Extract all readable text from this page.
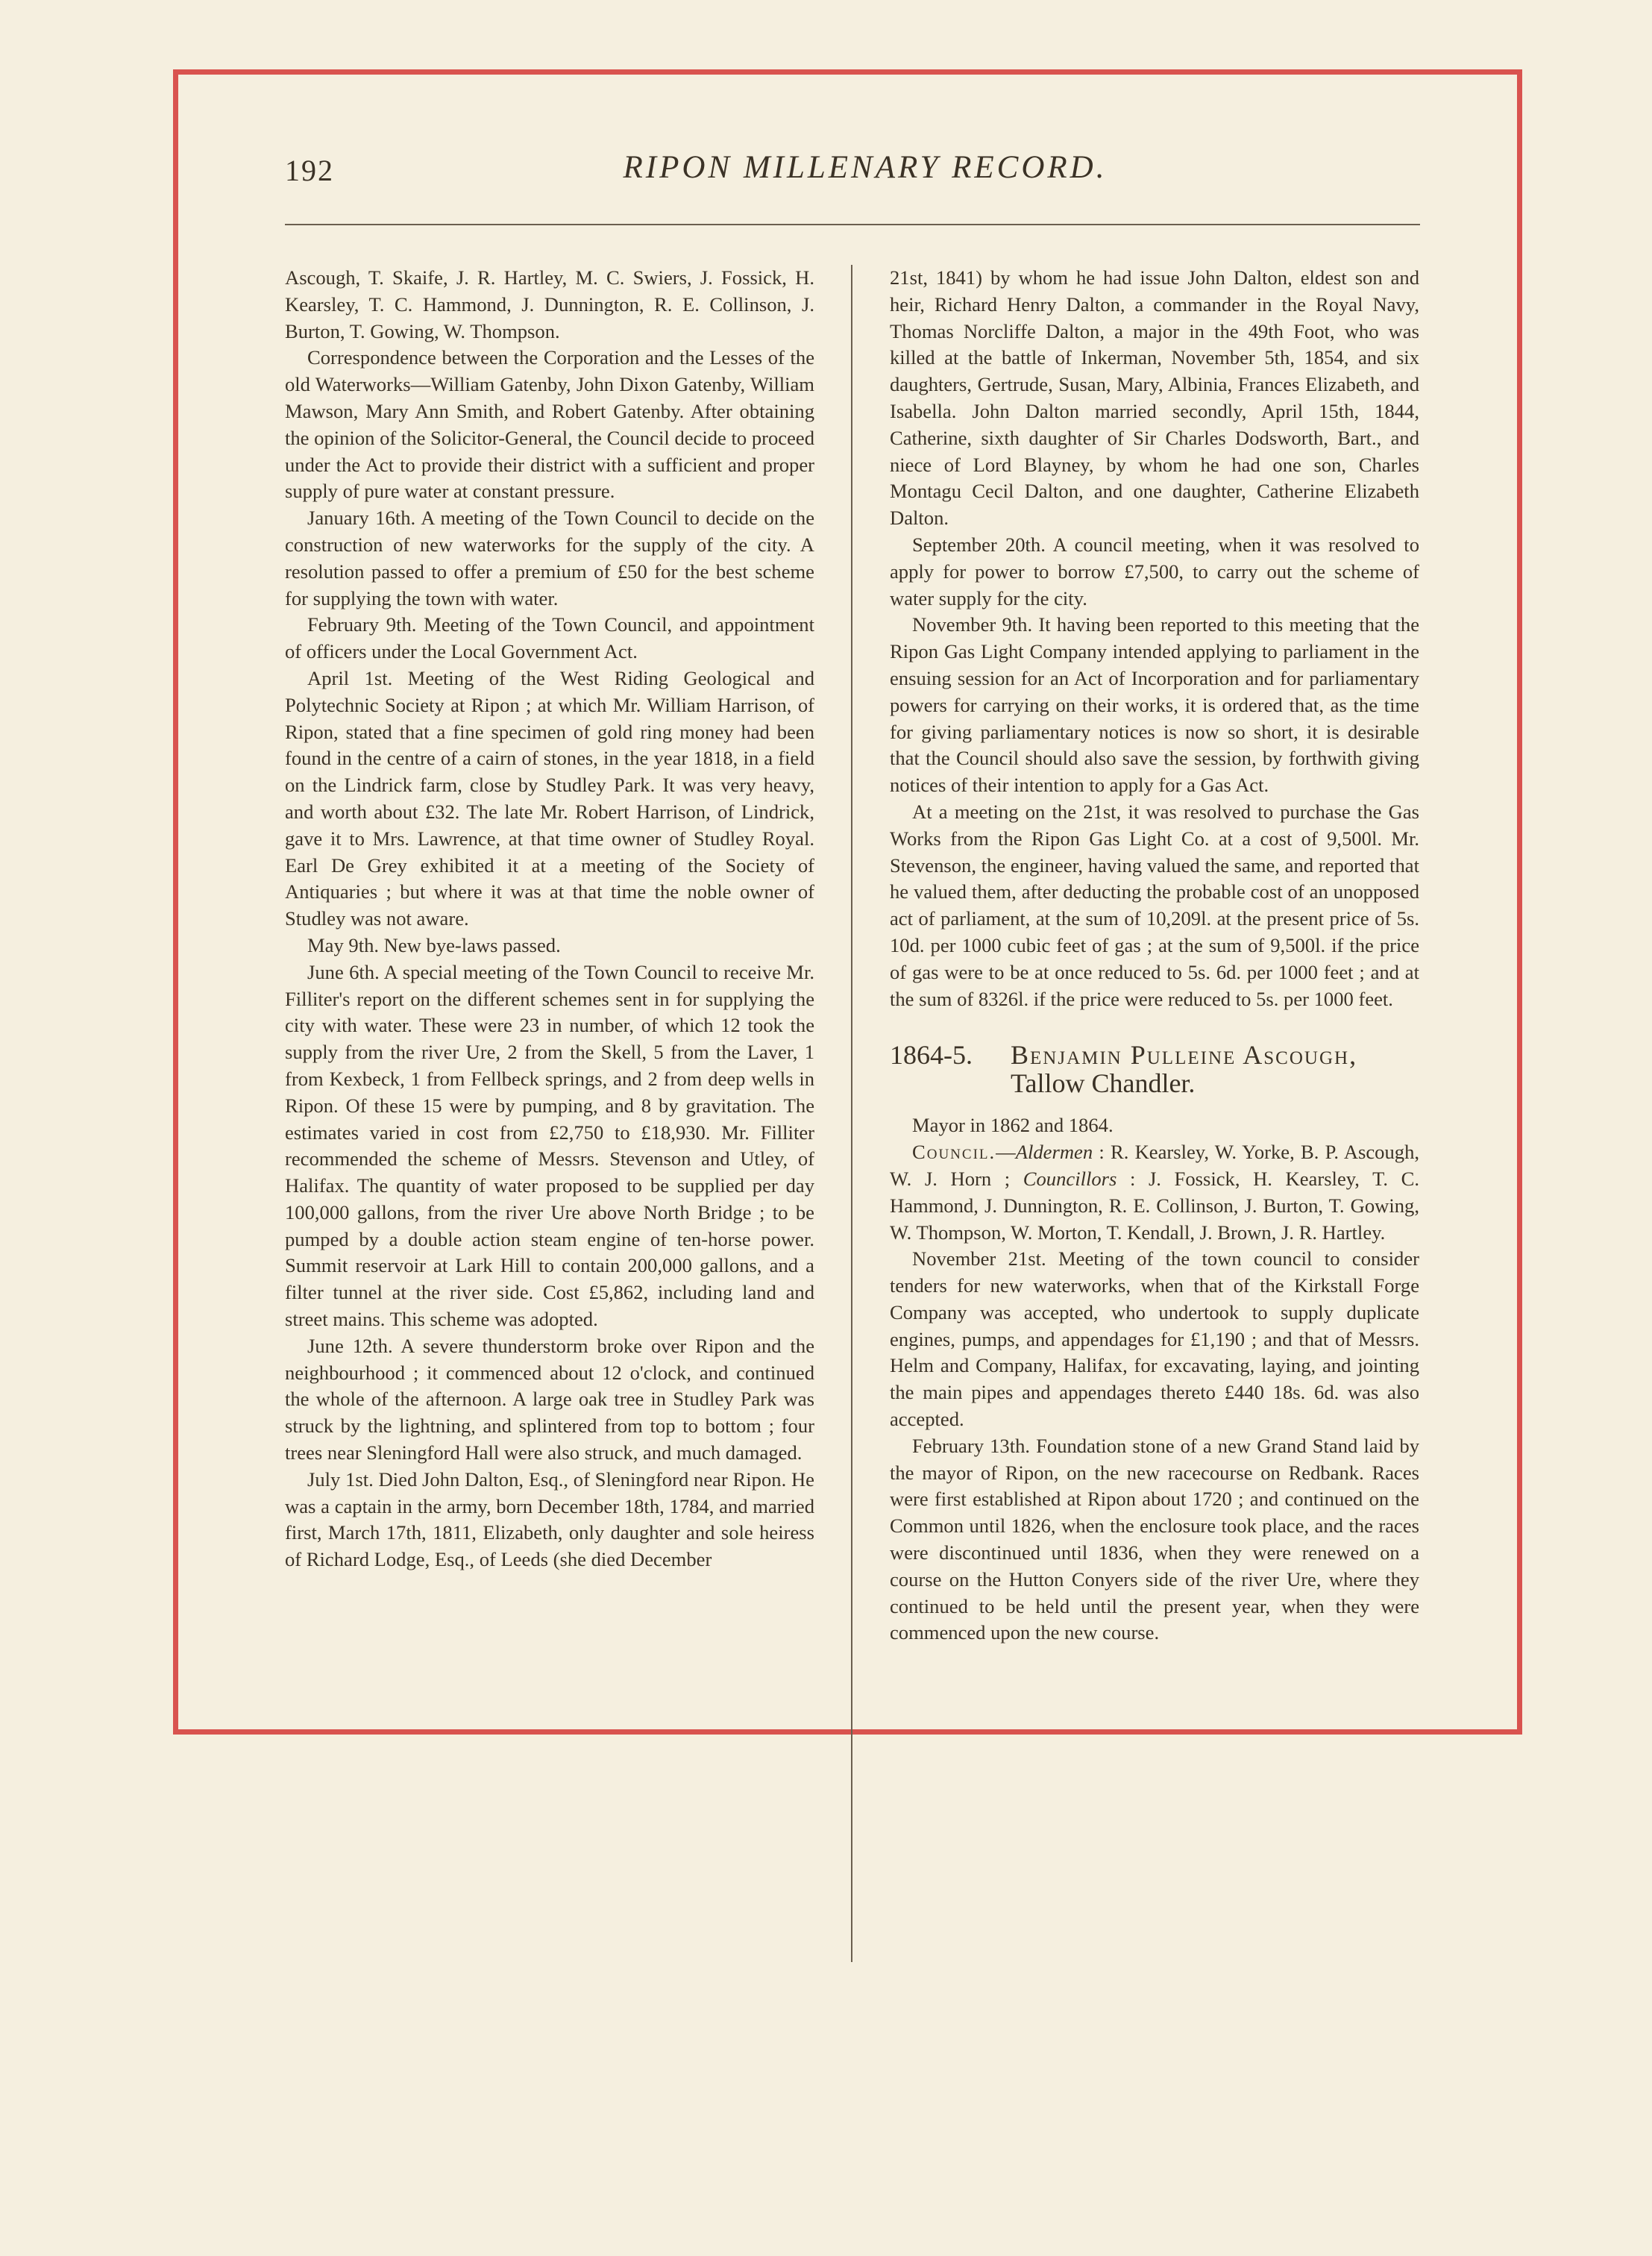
192	RIPON MILLENARY RECORD.

Ascough, T. Skaife, J. R. Hartley, M. C. Swiers, J. Fossick, H. Kearsley, T. C. Hammond, J. Dunnington, R. E. Collinson, J. Burton, T. Gowing, W. Thompson.

Correspondence between the Corporation and the Lesses of the old Waterworks—William Gatenby, John Dixon Gatenby, William Mawson, Mary Ann Smith, and Robert Gatenby. After obtaining the opinion of the Solicitor-General, the Council decide to proceed under the Act to provide their district with a sufficient and proper supply of pure water at constant pressure.

January 16th. A meeting of the Town Council to decide on the construction of new waterworks for the supply of the city. A resolution passed to offer a premium of £50 for the best scheme for supplying the town with water.

February 9th. Meeting of the Town Council, and appointment of officers under the Local Government Act.

April 1st. Meeting of the West Riding Geological and Polytechnic Society at Ripon ; at which Mr. William Harrison, of Ripon, stated that a fine specimen of gold ring money had been found in the centre of a cairn of stones, in the year 1818, in a field on the Lindrick farm, close by Studley Park. It was very heavy, and worth about £32. The late Mr. Robert Harrison, of Lindrick, gave it to Mrs. Lawrence, at that time owner of Studley Royal. Earl De Grey exhibited it at a meeting of the Society of Antiquaries ; but where it was at that time the noble owner of Studley was not aware.

May 9th. New bye-laws passed.

June 6th. A special meeting of the Town Council to receive Mr. Filliter's report on the different schemes sent in for supplying the city with water. These were 23 in number, of which 12 took the supply from the river Ure, 2 from the Skell, 5 from the Laver, 1 from Kexbeck, 1 from Fellbeck springs, and 2 from deep wells in Ripon. Of these 15 were by pumping, and 8 by gravitation. The estimates varied in cost from £2,750 to £18,930. Mr. Filliter recommended the scheme of Messrs. Stevenson and Utley, of Halifax. The quantity of water proposed to be supplied per day 100,000 gallons, from the river Ure above North Bridge ; to be pumped by a double action steam engine of ten-horse power. Summit reservoir at Lark Hill to contain 200,000 gallons, and a filter tunnel at the river side. Cost £5,862, including land and street mains. This scheme was adopted.

June 12th. A severe thunderstorm broke over Ripon and the neighbourhood ; it commenced about 12 o'clock, and continued the whole of the afternoon. A large oak tree in Studley Park was struck by the lightning, and splintered from top to bottom ; four trees near Sleningford Hall were also struck, and much damaged.

July 1st. Died John Dalton, Esq., of Sleningford near Ripon. He was a captain in the army, born December 18th, 1784, and married first, March 17th, 1811, Elizabeth, only daughter and sole heiress of Richard Lodge, Esq., of Leeds (she died December

21st, 1841) by whom he had issue John Dalton, eldest son and heir, Richard Henry Dalton, a commander in the Royal Navy, Thomas Norcliffe Dalton, a major in the 49th Foot, who was killed at the battle of Inkerman, November 5th, 1854, and six daughters, Gertrude, Susan, Mary, Albinia, Frances Elizabeth, and Isabella. John Dalton married secondly, April 15th, 1844, Catherine, sixth daughter of Sir Charles Dodsworth, Bart., and niece of Lord Blayney, by whom he had one son, Charles Montagu Cecil Dalton, and one daughter, Catherine Elizabeth Dalton.

September 20th. A council meeting, when it was resolved to apply for power to borrow £7,500, to carry out the scheme of water supply for the city.

November 9th. It having been reported to this meeting that the Ripon Gas Light Company intended applying to parliament in the ensuing session for an Act of Incorporation and for parliamentary powers for carrying on their works, it is ordered that, as the time for giving parliamentary notices is now so short, it is desirable that the Council should also save the session, by forthwith giving notices of their intention to apply for a Gas Act.

At a meeting on the 21st, it was resolved to purchase the Gas Works from the Ripon Gas Light Co. at a cost of 9,500l. Mr. Stevenson, the engineer, having valued the same, and reported that he valued them, after deducting the probable cost of an unopposed act of parliament, at the sum of 10,209l. at the present price of 5s. 10d. per 1000 cubic feet of gas ; at the sum of 9,500l. if the price of gas were to be at once reduced to 5s. 6d. per 1000 feet ; and at the sum of 8326l. if the price were reduced to 5s. per 1000 feet.

1864-5.	Benjamin Pulleine Ascough,
Tallow Chandler.

Mayor in 1862 and 1864.

Council.—Aldermen : R. Kearsley, W. Yorke, B. P. Ascough, W. J. Horn ; Councillors : J. Fossick, H. Kearsley, T. C. Hammond, J. Dunnington, R. E. Collinson, J. Burton, T. Gowing, W. Thompson, W. Morton, T. Kendall, J. Brown, J. R. Hartley.

November 21st. Meeting of the town council to consider tenders for new waterworks, when that of the Kirkstall Forge Company was accepted, who undertook to supply duplicate engines, pumps, and appendages for £1,190 ; and that of Messrs. Helm and Company, Halifax, for excavating, laying, and jointing the main pipes and appendages thereto £440 18s. 6d. was also accepted.

February 13th. Foundation stone of a new Grand Stand laid by the mayor of Ripon, on the new racecourse on Redbank. Races were first established at Ripon about 1720 ; and continued on the Common until 1826, when the enclosure took place, and the races were discontinued until 1836, when they were renewed on a course on the Hutton Conyers side of the river Ure, where they continued to be held until the present year, when they were commenced upon the new course.
